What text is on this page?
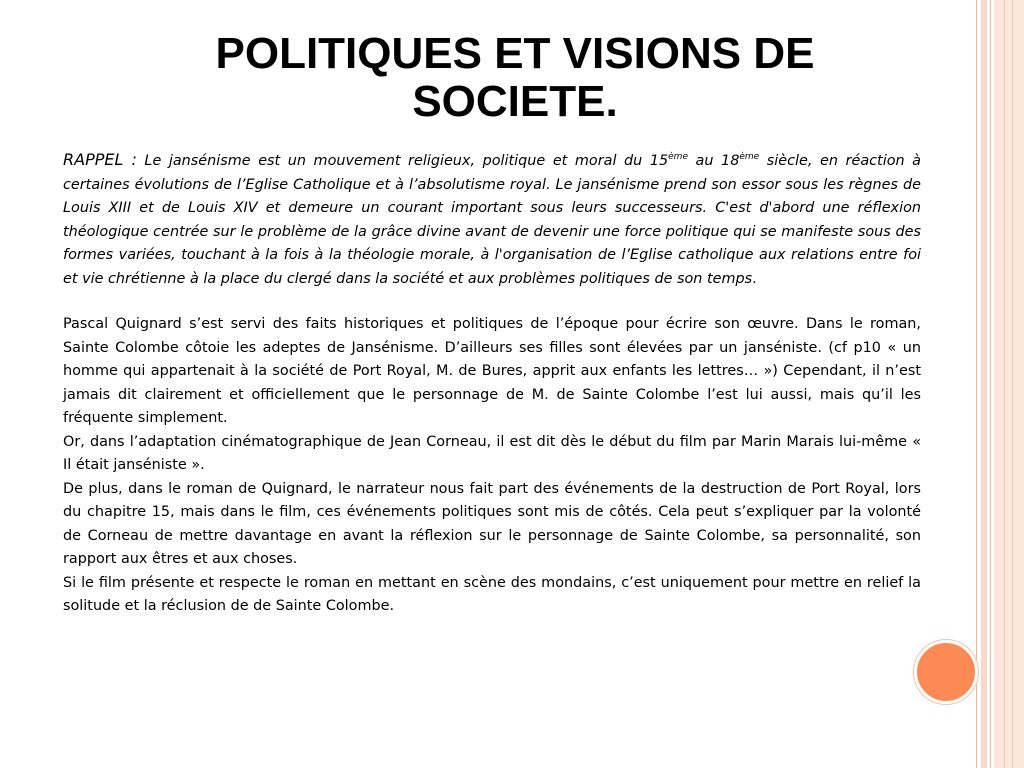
POLITIQUES ET VISIONS DE SOCIETE.

RAPPEL : Le jansénisme est un mouvement religieux, politique et moral du 15ème au 18ème siècle, en réaction à certaines évolutions de l’Eglise Catholique et à l’absolutisme royal. Le jansénisme prend son essor sous les règnes de Louis XIII et de Louis XIV et demeure un courant important sous leurs successeurs. C'est d'abord une réflexion théologique centrée sur le problème de la grâce divine avant de devenir une force politique qui se manifeste sous des formes variées, touchant à la fois à la théologie morale, à l'organisation de l’Eglise catholique aux relations entre foi et vie chrétienne à la place du clergé dans la société et aux problèmes politiques de son temps.

Pascal Quignard s’est servi des faits historiques et politiques de l’époque pour écrire son œuvre. Dans le roman, Sainte Colombe côtoie les adeptes de Jansénisme. D’ailleurs ses filles sont élevées par un janséniste. (cf p10 « un homme qui appartenait à la société de Port Royal, M. de Bures, apprit aux enfants les lettres… ») Cependant, il n’est jamais dit clairement et officiellement que le personnage de M. de Sainte Colombe l’est lui aussi, mais qu’il les fréquente simplement.

Or, dans l’adaptation cinématographique de Jean Corneau, il est dit dès le début du film par Marin Marais lui-même « Il était janséniste ».

De plus, dans le roman de Quignard, le narrateur nous fait part des événements de la destruction de Port Royal, lors du chapitre 15, mais dans le film, ces événements politiques sont mis de côtés. Cela peut s’expliquer par la volonté de Corneau de mettre davantage en avant la réflexion sur le personnage de Sainte Colombe, sa personnalité, son rapport aux êtres et aux choses.

Si le film présente et respecte le roman en mettant en scène des mondains, c’est uniquement pour mettre en relief la solitude et la réclusion de de Sainte Colombe.
